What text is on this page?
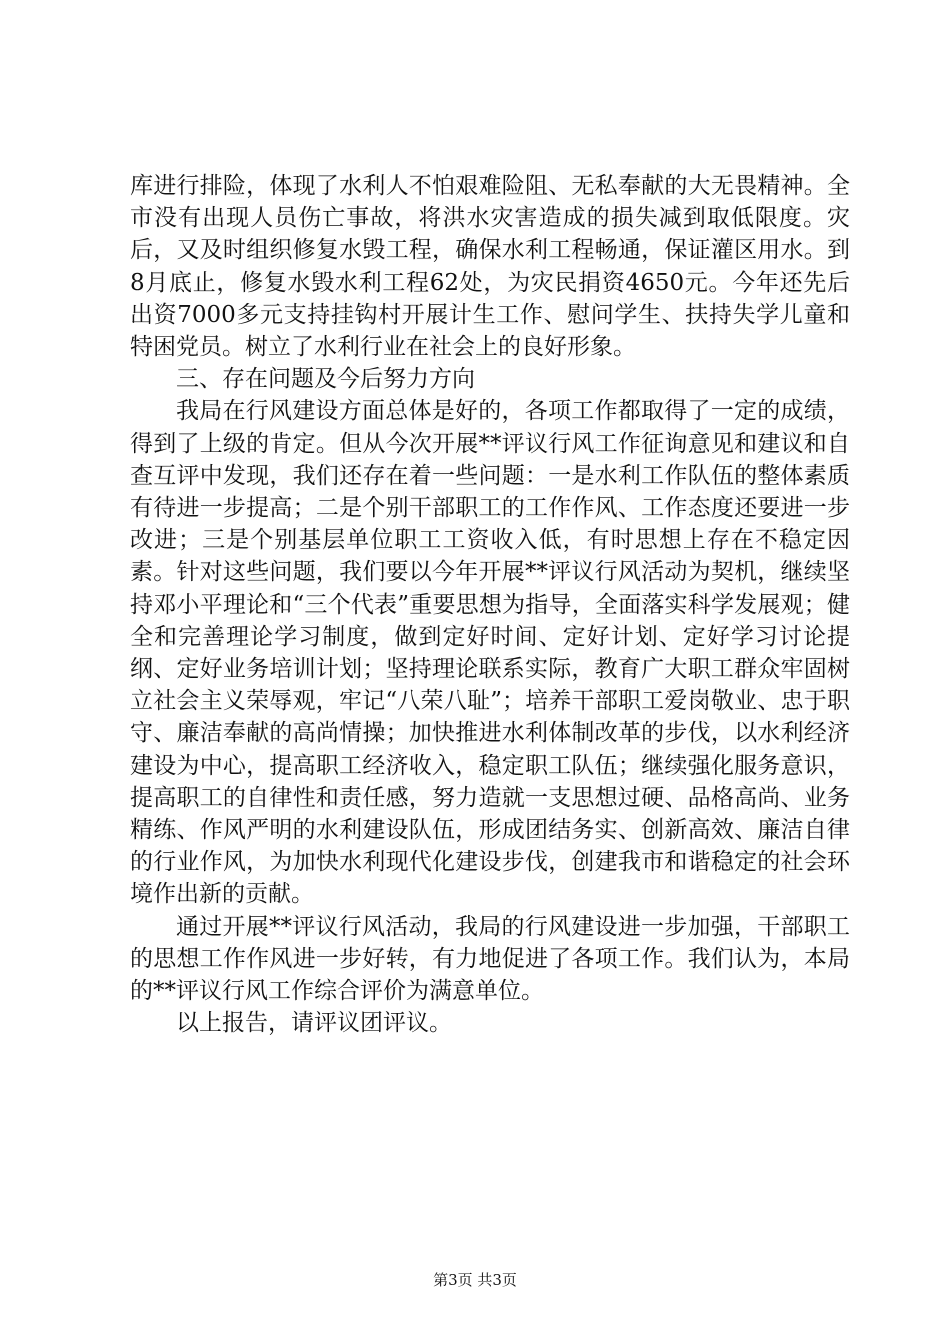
库进行排险，体现了水利人不怕艰难险阻、无私奉献的大无畏精神。全市没有出现人员伤亡事故，将洪水灾害造成的损失减到取低限度。灾后，又及时组织修复水毁工程，确保水利工程畅通，保证灌区用水。到8月底止，修复水毁水利工程62处，为灾民捐资4650元。今年还先后出资7000多元支持挂钩村开展计生工作、慰问学生、扶持失学儿童和特困党员。树立了水利行业在社会上的良好形象。

三、存在问题及今后努力方向

我局在行风建设方面总体是好的，各项工作都取得了一定的成绩，得到了上级的肯定。但从今次开展**评议行风工作征询意见和建议和自查互评中发现，我们还存在着一些问题：一是水利工作队伍的整体素质有待进一步提高；二是个别干部职工的工作作风、工作态度还要进一步改进；三是个别基层单位职工工资收入低，有时思想上存在不稳定因素。针对这些问题，我们要以今年开展**评议行风活动为契机，继续坚持邓小平理论和“三个代表”重要思想为指导，全面落实科学发展观；健全和完善理论学习制度，做到定好时间、定好计划、定好学习讨论提纲、定好业务培训计划；坚持理论联系实际，教育广大职工群众牢固树立社会主义荣辱观，牢记“八荣八耻”；培养干部职工爱岗敬业、忠于职守、廉洁奉献的高尚情操；加快推进水利体制改革的步伐，以水利经济建设为中心，提高职工经济收入，稳定职工队伍；继续强化服务意识，提高职工的自律性和责任感，努力造就一支思想过硬、品格高尚、业务精练、作风严明的水利建设队伍，形成团结务实、创新高效、廉洁自律的行业作风，为加快水利现代化建设步伐，创建我市和谐稳定的社会环境作出新的贡献。

通过开展**评议行风活动，我局的行风建设进一步加强，干部职工的思想工作作风进一步好转，有力地促进了各项工作。我们认为，本局的**评议行风工作综合评价为满意单位。

以上报告，请评议团评议。

第3页 共3页
